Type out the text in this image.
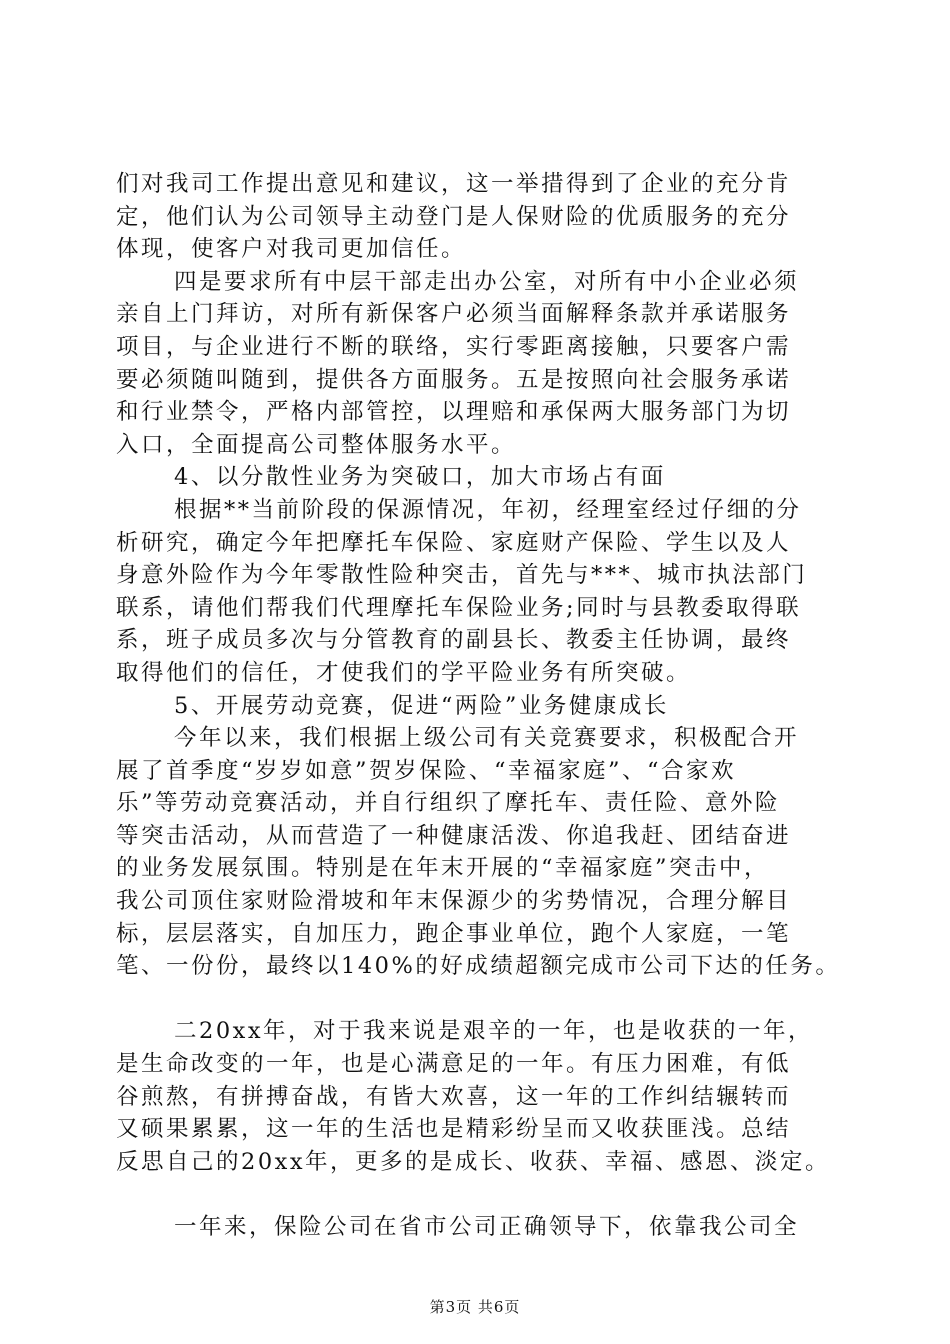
们对我司工作提出意见和建议，这一举措得到了企业的充分肯
定，他们认为公司领导主动登门是人保财险的优质服务的充分
体现，使客户对我司更加信任。
四是要求所有中层干部走出办公室，对所有中小企业必须
亲自上门拜访，对所有新保客户必须当面解释条款并承诺服务
项目，与企业进行不断的联络，实行零距离接触，只要客户需
要必须随叫随到，提供各方面服务。五是按照向社会服务承诺
和行业禁令，严格内部管控，以理赔和承保两大服务部门为切
入口，全面提高公司整体服务水平。
4、以分散性业务为突破口，加大市场占有面
根据**当前阶段的保源情况，年初，经理室经过仔细的分
析研究，确定今年把摩托车保险、家庭财产保险、学生以及人
身意外险作为今年零散性险种突击，首先与***、城市执法部门
联系，请他们帮我们代理摩托车保险业务;同时与县教委取得联
系，班子成员多次与分管教育的副县长、教委主任协调，最终
取得他们的信任，才使我们的学平险业务有所突破。
5、开展劳动竞赛，促进“两险”业务健康成长
今年以来，我们根据上级公司有关竞赛要求，积极配合开
展了首季度“岁岁如意”贺岁保险、“幸福家庭”、“合家欢
乐”等劳动竞赛活动，并自行组织了摩托车、责任险、意外险
等突击活动，从而营造了一种健康活泼、你追我赶、团结奋进
的业务发展氛围。特别是在年末开展的“幸福家庭”突击中，
我公司顶住家财险滑坡和年末保源少的劣势情况，合理分解目
标，层层落实，自加压力，跑企事业单位，跑个人家庭，一笔
笔、一份份，最终以140%的好成绩超额完成市公司下达的任务。
二20xx年，对于我来说是艰辛的一年，也是收获的一年，
是生命改变的一年，也是心满意足的一年。有压力困难，有低
谷煎熬，有拼搏奋战，有皆大欢喜，这一年的工作纠结辗转而
又硕果累累，这一年的生活也是精彩纷呈而又收获匪浅。总结
反思自己的20xx年，更多的是成长、收获、幸福、感恩、淡定。
一年来，保险公司在省市公司正确领导下，依靠我公司全
第3页 共6页
